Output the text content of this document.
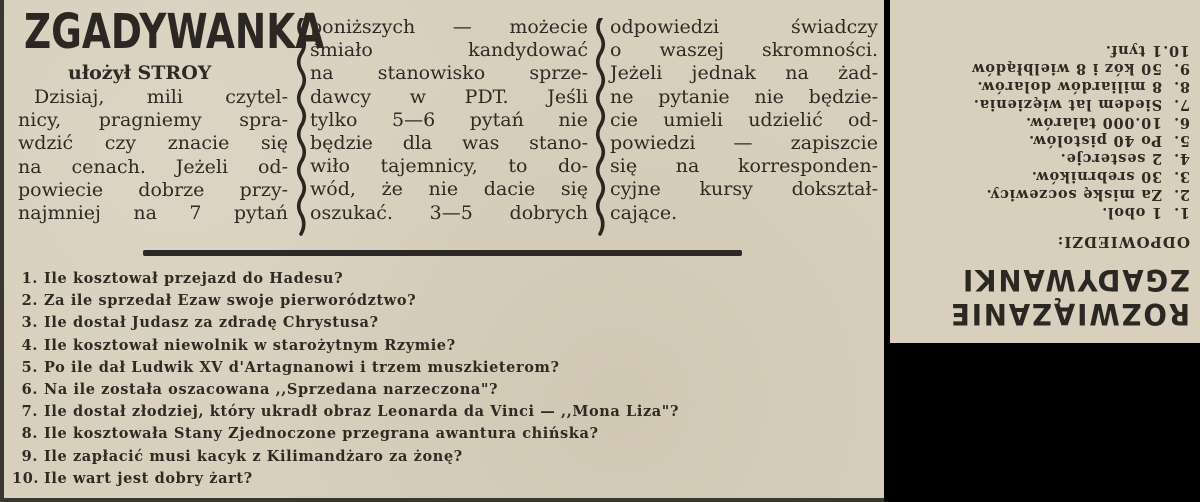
ZGADYWANKA
ułożył STROY
Dzisiaj, mili czytel-
nicy, pragniemy spra-
wdzić czy znacie się
na cenach. Jeżeli od-
powiecie dobrze przy-
najmniej na 7 pytań
poniższych — możecie
śmiało kandydować
na stanowisko sprze-
dawcy w PDT. Jeśli
tylko 5—6 pytań nie
będzie dla was stano-
wiło tajemnicy, to do-
wód, że nie dacie się
oszukać. 3—5 dobrych
odpowiedzi świadczy
o waszej skromności.
Jeżeli jednak na żad-
ne pytanie nie będzie-
cie umieli udzielić od-
powiedzi — zapiszcie
się na korresponden-
cyjne kursy dokształ-
cające.
1. Ile kosztował przejazd do Hadesu?
2. Za ile sprzedał Ezaw swoje pierworództwo?
3. Ile dostał Judasz za zdradę Chrystusa?
4. Ile kosztował niewolnik w starożytnym Rzymie?
5. Po ile dał Ludwik XV d'Artagnanowi i trzem muszkieterom?
6. Na ile została oszacowana ,,Sprzedana narzeczona"?
7. Ile dostał złodziej, który ukradł obraz Leonarda da Vinci — ,,Mona Liza"?
8. Ile kosztowała Stany Zjednoczone przegrana awantura chińska?
9. Ile zapłacić musi kacyk z Kilimandżaro za żonę?
10. Ile wart jest dobry żart?
ROZWIĄZANIE
ZGADYWANKI
ODPOWIEDZI:
1. 1 obol.
2. Za miskę soczewicy.
3. 30 srebrników.
4. 2 sestercje.
5. Po 40 pistolów.
6. 10.000 talarów.
7. Siedem lat więzienia.
8. 8 miliardów dolarów.
9. 50 kóz i 8 wielbłądów
10. 1 tynf.
